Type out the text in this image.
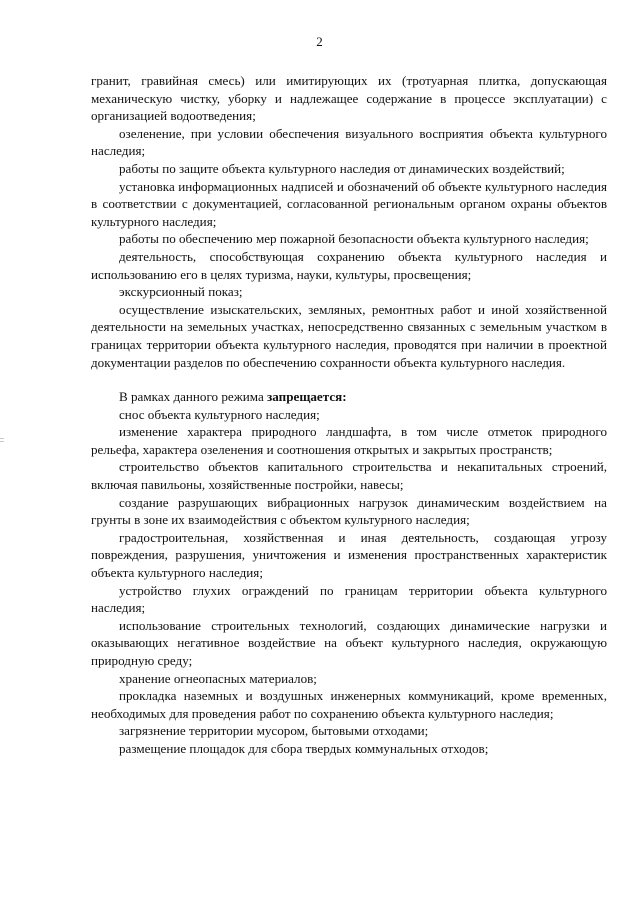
2

гранит, гравийная смесь) или имитирующих их (тротуарная плитка, допускающая механическую чистку, уборку и надлежащее содержание в процессе эксплуатации) с организацией водоотведения;

озеленение, при условии обеспечения визуального восприятия объекта культурного наследия;

работы по защите объекта культурного наследия от динамических воздействий;

установка информационных надписей и обозначений об объекте культурного наследия в соответствии с документацией, согласованной региональным органом охраны объектов культурного наследия;

работы по обеспечению мер пожарной безопасности объекта культурного наследия;

деятельность, способствующая сохранению объекта культурного наследия и использованию его в целях туризма, науки, культуры, просвещения;

экскурсионный показ;

осуществление изыскательских, земляных, ремонтных работ и иной хозяйственной деятельности на земельных участках, непосредственно связанных с земельным участком в границах территории объекта культурного наследия, проводятся при наличии в проектной документации разделов по обеспечению сохранности объекта культурного наследия.

В рамках данного режима запрещается:

снос объекта культурного наследия;

изменение характера природного ландшафта, в том числе отметок природного рельефа, характера озеленения и соотношения открытых и закрытых пространств;

строительство объектов капитального строительства и некапитальных строений, включая павильоны, хозяйственные постройки, навесы;

создание разрушающих вибрационных нагрузок динамическим воздействием на грунты в зоне их взаимодействия с объектом культурного наследия;

градостроительная, хозяйственная и иная деятельность, создающая угрозу повреждения, разрушения, уничтожения и изменения пространственных характеристик объекта культурного наследия;

устройство глухих ограждений по границам территории объекта культурного наследия;

использование строительных технологий, создающих динамические нагрузки и оказывающих негативное воздействие на объект культурного наследия, окружающую природную среду;

хранение огнеопасных материалов;

прокладка наземных и воздушных инженерных коммуникаций, кроме временных, необходимых для проведения работ по сохранению объекта культурного наследия;

загрязнение территории мусором, бытовыми отходами;

размещение площадок для сбора твердых коммунальных отходов;
